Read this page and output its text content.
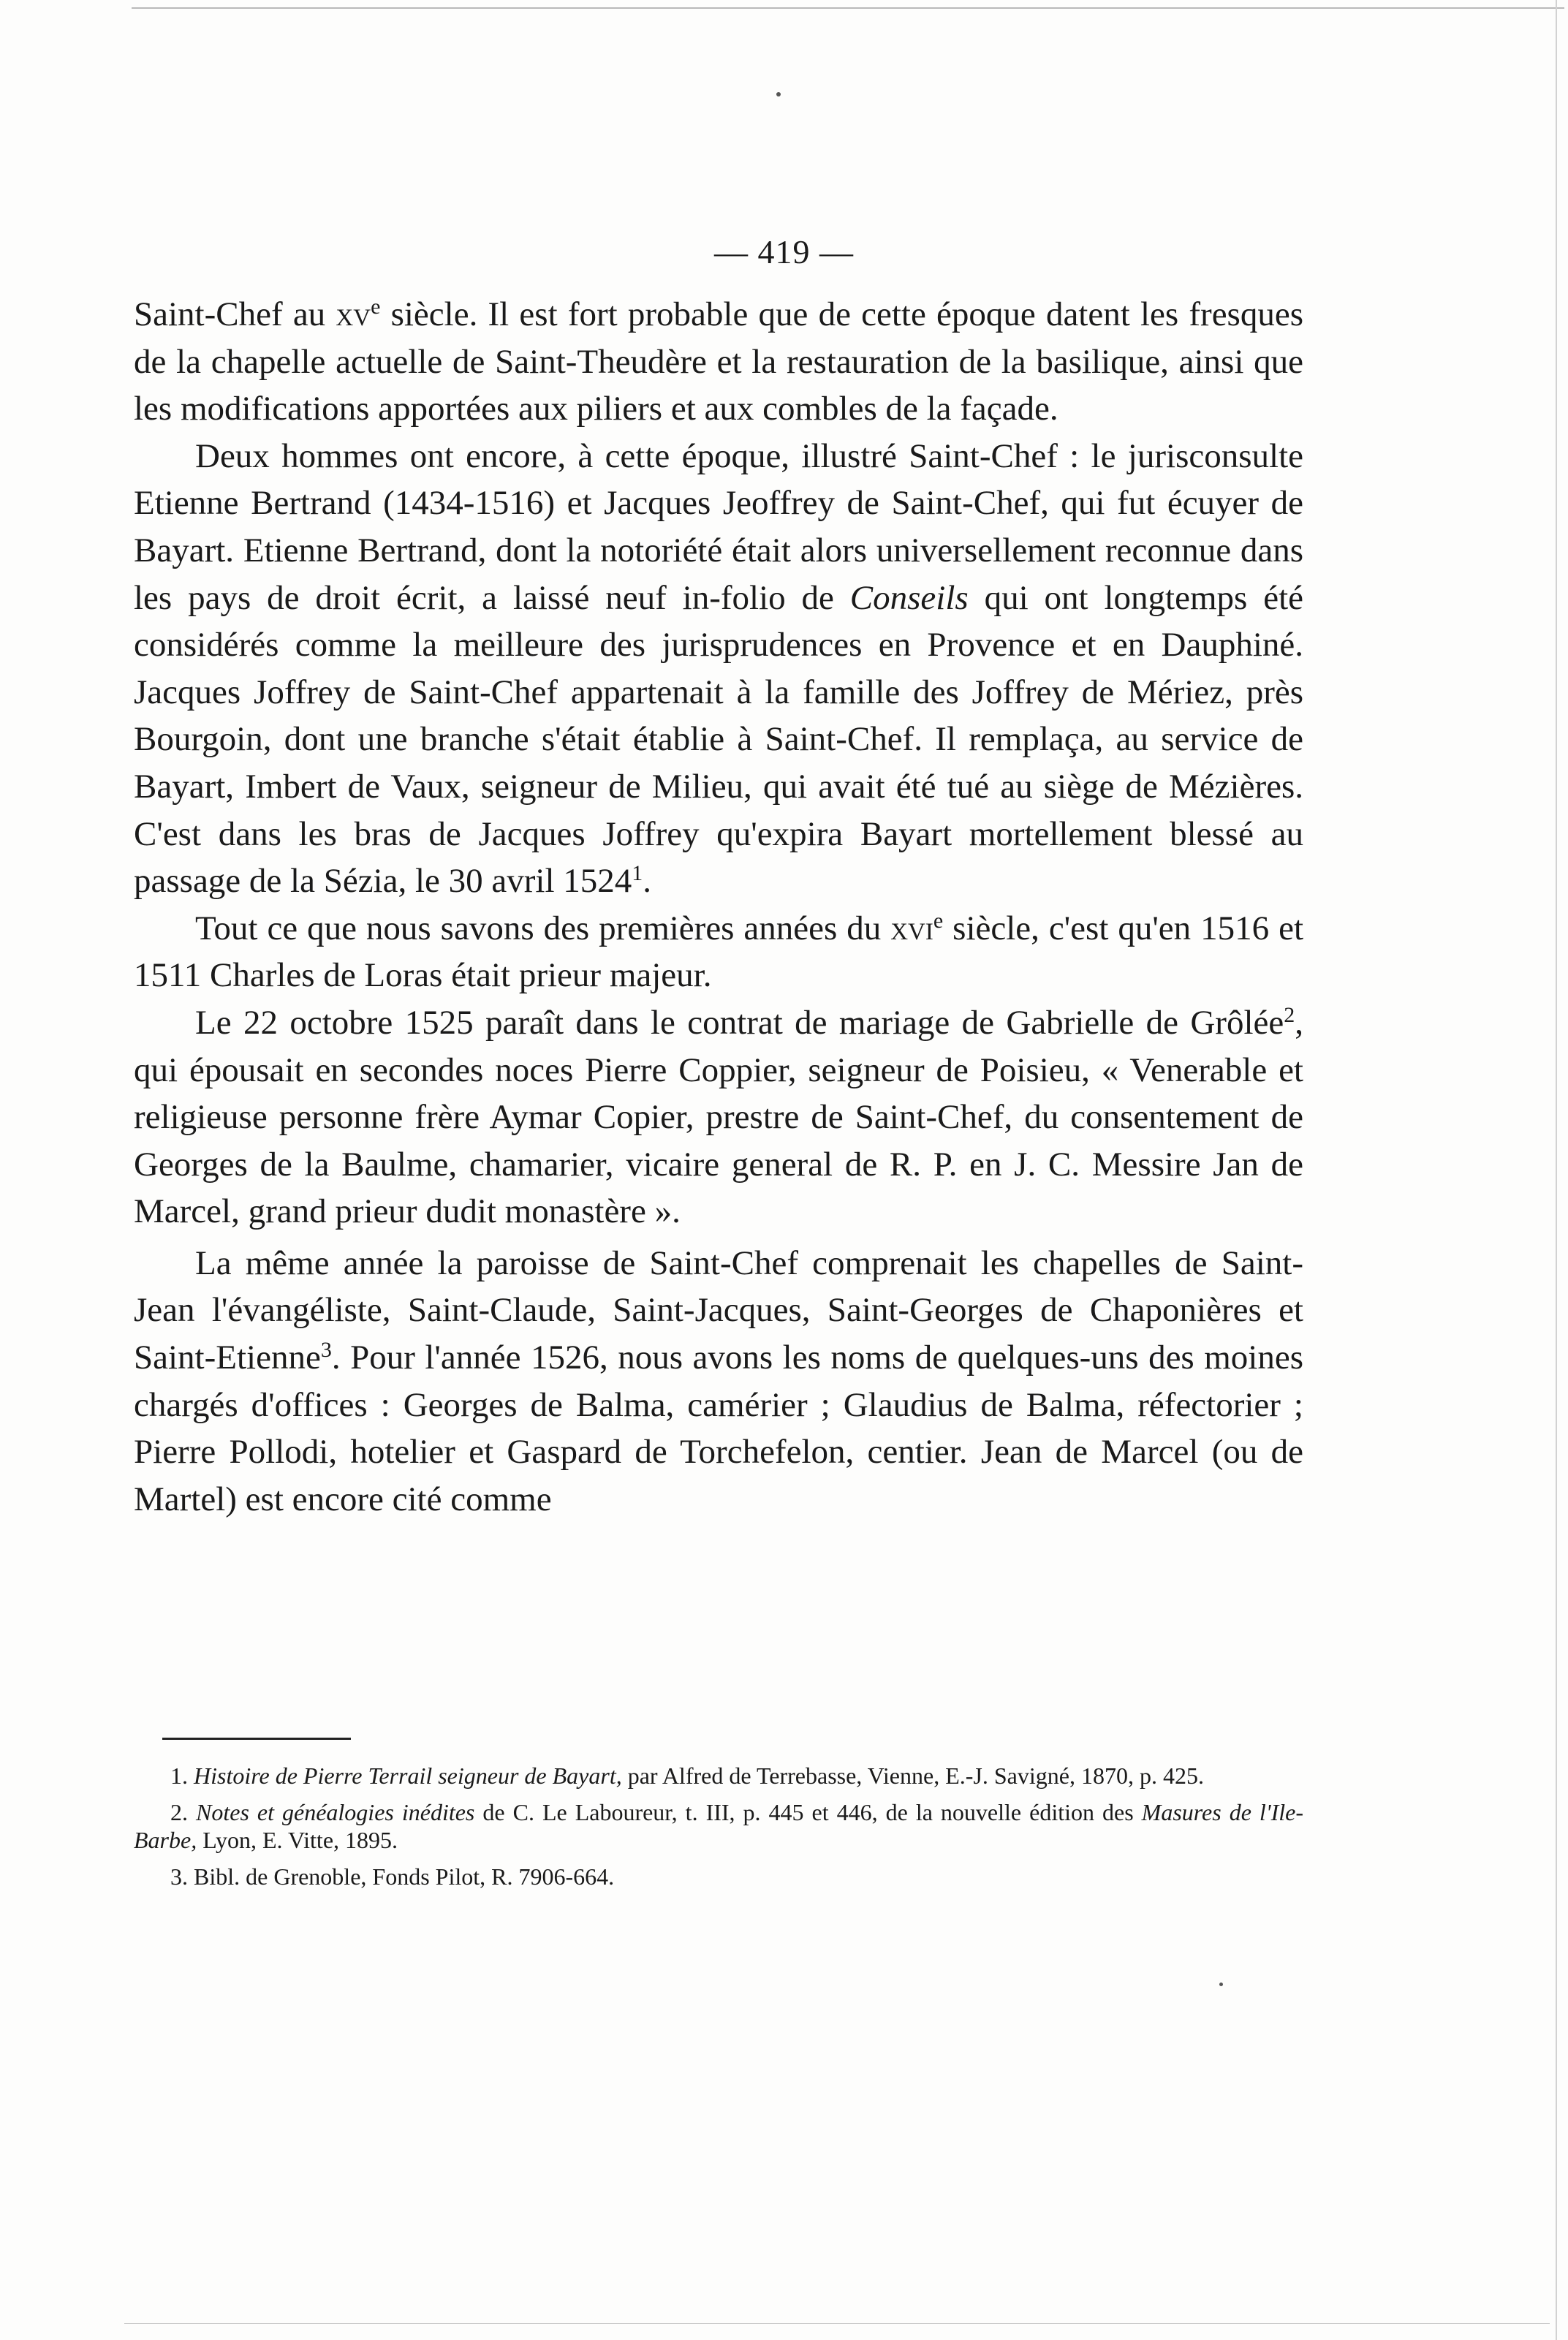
— 419 —

Saint-Chef au $xv^e$ siècle. Il est fort probable que de cette époque datent les fresques de la chapelle actuelle de Saint-Theudère et la restauration de la basilique, ainsi que les modifications apportées aux piliers et aux combles de la façade.

Deux hommes ont encore, à cette époque, illustré Saint-Chef : le jurisconsulte Etienne Bertrand (1434-1516) et Jacques Jeoffrey de Saint-Chef, qui fut écuyer de Bayart. Etienne Bertrand, dont la notoriété était alors universellement reconnue dans les pays de droit écrit, a laissé neuf in-folio de Conseils qui ont longtemps été considérés comme la meilleure des jurisprudences en Provence et en Dauphiné. Jacques Joffrey de Saint-Chef appartenait à la famille des Joffrey de Mériez, près Bourgoin, dont une branche s'était établie à Saint-Chef. Il remplaça, au service de Bayart, Imbert de Vaux, seigneur de Milieu, qui avait été tué au siège de Mézières. C'est dans les bras de Jacques Joffrey qu'expira Bayart mortellement blessé au passage de la Sézia, le 30 avril 1524$^1$.

Tout ce que nous savons des premières années du xvi$^e$ siècle, c'est qu'en 1516 et 1511 Charles de Loras était prieur majeur.

Le 22 octobre 1525 paraît dans le contrat de mariage de Gabrielle de Grôlée$^2$, qui épousait en secondes noces Pierre Coppier, seigneur de Poisieu, « Venerable et religieuse personne frère Aymar Copier, prestre de Saint-Chef, du consentement de Georges de la Baulme, chamarier, vicaire general de R. P. en J. C. Messire Jan de Marcel, grand prieur dudit monastère ».

La même année la paroisse de Saint-Chef comprenait les chapelles de Saint-Jean l'évangéliste, Saint-Claude, Saint-Jacques, Saint-Georges de Chaponières et Saint-Etienne$^3$. Pour l'année 1526, nous avons les noms de quelques-uns des moines chargés d'offices : Georges de Balma, camérier ; Glaudius de Balma, réfectorier ; Pierre Pollodi, hotelier et Gaspard de Torchefelon, centier. Jean de Marcel (ou de Martel) est encore cité comme

1. Histoire de Pierre Terrail seigneur de Bayart, par Alfred de Terrebasse, Vienne, E.-J. Savigné, 1870, p. 425.

2. Notes et généalogies inédites de C. Le Laboureur, t. III, p. 445 et 446, de la nouvelle édition des Masures de l'Ile-Barbe, Lyon, E. Vitte, 1895.

3. Bibl. de Grenoble, Fonds Pilot, R. 7906-664.
